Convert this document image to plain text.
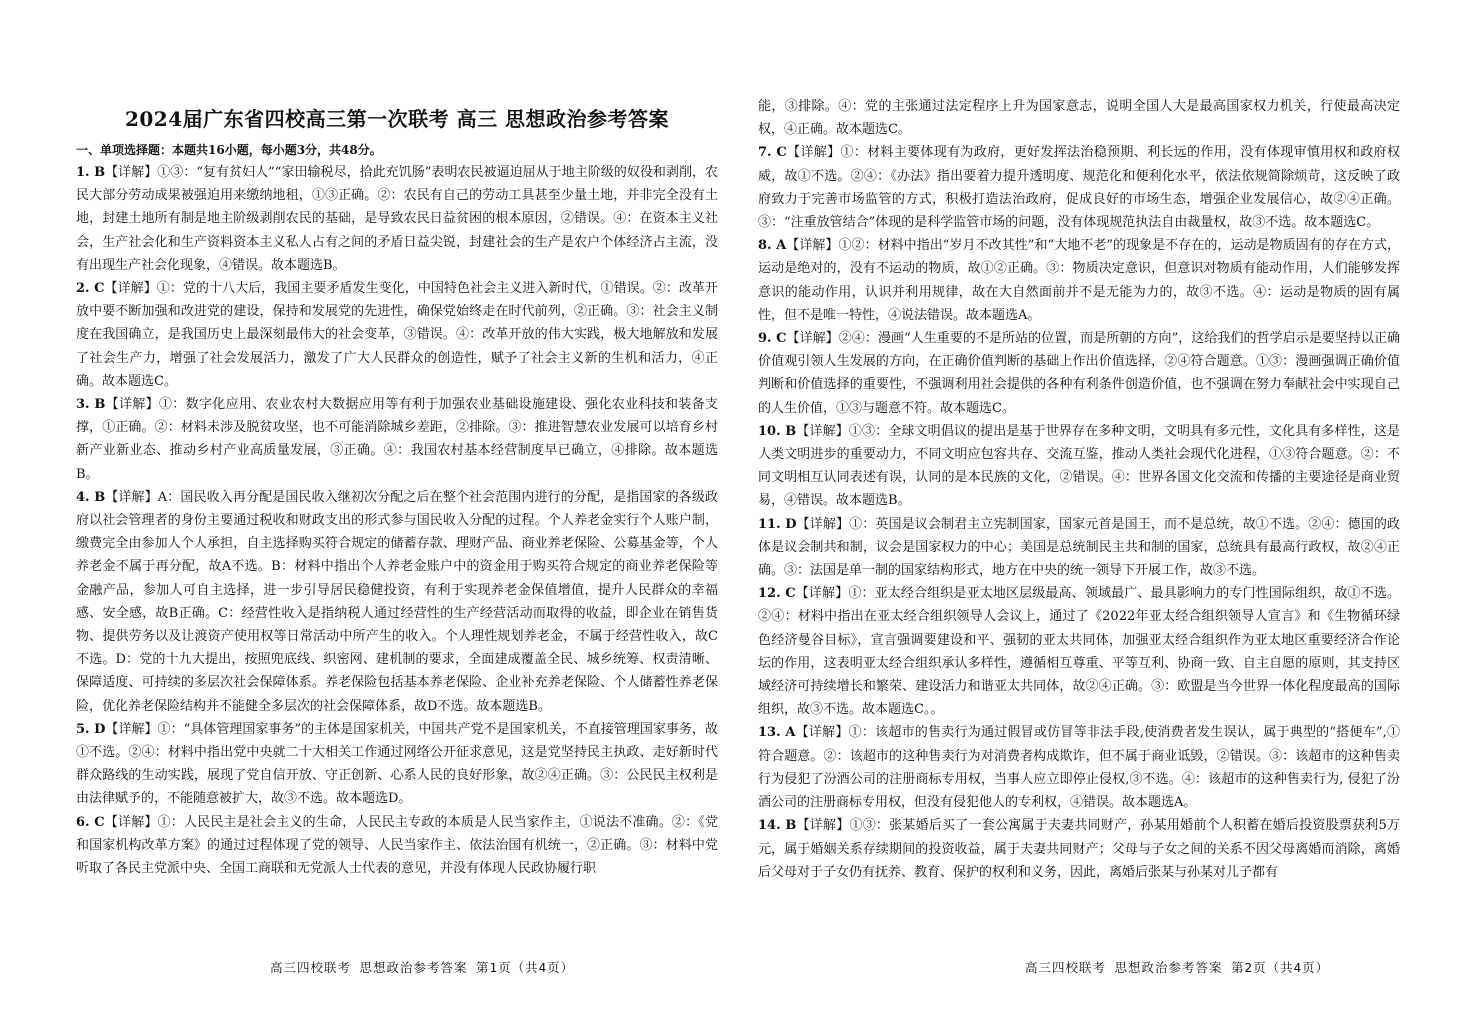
2024届广东省四校高三第一次联考 高三 思想政治参考答案
一、单项选择题：本题共16小题，每小题3分，共48分。

1. B【详解】①③：“复有贫妇人”“家田输税尽，拾此充饥肠”表明农民被逼迫屈从于地主阶级的奴役和剥削，农民大部分劳动成果被强迫用来缴纳地租，①③正确。②：农民有自己的劳动工具甚至少量土地，并非完全没有土地，封建土地所有制是地主阶级剥削农民的基础，是导致农民日益贫困的根本原因，②错误。④：在资本主义社会，生产社会化和生产资料资本主义私人占有之间的矛盾日益尖锐，封建社会的生产是农户个体经济占主流，没有出现生产社会化现象，④错误。故本题选B。

2. C【详解】①：党的十八大后，我国主要矛盾发生变化，中国特色社会主义进入新时代，①错误。②：改革开放中要不断加强和改进党的建设，保持和发展党的先进性，确保党始终走在时代前列，②正确。③：社会主义制度在我国确立，是我国历史上最深刻最伟大的社会变革，③错误。④：改革开放的伟大实践，极大地解放和发展了社会生产力，增强了社会发展活力，激发了广大人民群众的创造性，赋予了社会主义新的生机和活力，④正确。故本题选C。

3. B【详解】①：数字化应用、农业农村大数据应用等有利于加强农业基础设施建设、强化农业科技和装备支撑，①正确。②：材料未涉及脱贫攻坚，也不可能消除城乡差距，②排除。③：推进智慧农业发展可以培育乡村新产业新业态、推动乡村产业高质量发展，③正确。④：我国农村基本经营制度早已确立，④排除。故本题选B。

4. B【详解】A：国民收入再分配是国民收入继初次分配之后在整个社会范围内进行的分配，是指国家的各级政府以社会管理者的身份主要通过税收和财政支出的形式参与国民收入分配的过程。个人养老金实行个人账户制，缴费完全由参加人个人承担，自主选择购买符合规定的储蓄存款、理财产品、商业养老保险、公募基金等，个人养老金不属于再分配，故A不选。B：材料中指出个人养老金账户中的资金用于购买符合规定的商业养老保险等金融产品，参加人可自主选择，进一步引导居民稳健投资，有利于实现养老金保值增值，提升人民群众的幸福感、安全感，故B正确。C：经营性收入是指纳税人通过经营性的生产经营活动而取得的收益，即企业在销售货物、提供劳务以及让渡资产使用权等日常活动中所产生的收入。个人理性规划养老金，不属于经营性收入，故C不选。D：党的十九大提出，按照兜底线、织密网、建机制的要求，全面建成覆盖全民、城乡统筹、权责清晰、保障适度、可持续的多层次社会保障体系。养老保险包括基本养老保险、企业补充养老保险、个人储蓄性养老保险，优化养老保险结构并不能健全多层次的社会保障体系，故D不选。故本题选B。

5. D【详解】①：“具体管理国家事务”的主体是国家机关，中国共产党不是国家机关，不直接管理国家事务，故①不选。②④：材料中指出党中央就二十大相关工作通过网络公开征求意见，这是党坚持民主执政、走好新时代群众路线的生动实践，展现了党自信开放、守正创新、心系人民的良好形象，故②④正确。③：公民民主权利是由法律赋予的，不能随意被扩大，故③不选。故本题选D。

6. C【详解】①：人民民主是社会主义的生命，人民民主专政的本质是人民当家作主，①说法不准确。②：《党和国家机构改革方案》的通过过程体现了党的领导、人民当家作主、依法治国有机统一，②正确。③：材料中党听取了各民主党派中央、全国工商联和无党派人士代表的意见，并没有体现人民政协履行职

能，③排除。④：党的主张通过法定程序上升为国家意志，说明全国人大是最高国家权力机关，行使最高决定权，④正确。故本题选C。

7. C【详解】①：材料主要体现有为政府，更好发挥法治稳预期、利长远的作用，没有体现审慎用权和政府权威，故①不选。②④：《办法》指出要着力提升透明度、规范化和便利化水平，依法依规简除烦苛，这反映了政府致力于完善市场监管的方式，积极打造法治政府，促成良好的市场生态，增强企业发展信心，故②④正确。③：“注重放管结合”体现的是科学监管市场的问题，没有体现规范执法自由裁量权，故③不选。故本题选C。

8. A【详解】①②：材料中指出“岁月不改其性”和“大地不老”的现象是不存在的，运动是物质固有的存在方式，运动是绝对的，没有不运动的物质，故①②正确。③：物质决定意识，但意识对物质有能动作用，人们能够发挥意识的能动作用，认识并利用规律，故在大自然面前并不是无能为力的，故③不选。④：运动是物质的固有属性，但不是唯一特性，④说法错误。故本题选A。

9. C【详解】②④：漫画“人生重要的不是所站的位置，而是所朝的方向”，这给我们的哲学启示是要坚持以正确价值观引领人生发展的方向，在正确价值判断的基础上作出价值选择，②④符合题意。①③：漫画强调正确价值判断和价值选择的重要性，不强调利用社会提供的各种有利条件创造价值，也不强调在努力奉献社会中实现自己的人生价值，①③与题意不符。故本题选C。

10. B【详解】①③：全球文明倡议的提出是基于世界存在多种文明，文明具有多元性，文化具有多样性，这是人类文明进步的重要动力，不同文明应包容共存、交流互鉴，推动人类社会现代化进程，①③符合题意。②：不同文明相互认同表述有误，认同的是本民族的文化，②错误。④：世界各国文化交流和传播的主要途径是商业贸易，④错误。故本题选B。

11. D【详解】①：英国是议会制君主立宪制国家，国家元首是国王，而不是总统，故①不选。②④：德国的政体是议会制共和制，议会是国家权力的中心；美国是总统制民主共和制的国家，总统具有最高行政权，故②④正确。③：法国是单一制的国家结构形式，地方在中央的统一领导下开展工作，故③不选。

12. C【详解】①：亚太经合组织是亚太地区层级最高、领域最广、最具影响力的专门性国际组织，故①不选。②④：材料中指出在亚太经合组织领导人会议上，通过了《2022年亚太经合组织领导人宣言》和《生物循环绿色经济曼谷目标》，宣言强调要建设和平、强韧的亚太共同体，加强亚太经合组织作为亚太地区重要经济合作论坛的作用，这表明亚太经合组织承认多样性，遵循相互尊重、平等互利、协商一致、自主自愿的原则，其支持区域经济可持续增长和繁荣、建设活力和谐亚太共同体，故②④正确。③：欧盟是当今世界一体化程度最高的国际组织，故③不选。故本题选C。。

13. A【详解】①：该超市的售卖行为通过假冒或仿冒等非法手段,使消费者发生误认，属于典型的“搭便车”,①符合题意。②：该超市的这种售卖行为对消费者构成欺诈，但不属于商业诋毁，②错误。③：该超市的这种售卖行为侵犯了汾酒公司的注册商标专用权，当事人应立即停止侵权,③不选。④：该超市的这种售卖行为, 侵犯了汾酒公司的注册商标专用权，但没有侵犯他人的专利权，④错误。故本题选A。

14. B【详解】①③：张某婚后买了一套公寓属于夫妻共同财产，孙某用婚前个人积蓄在婚后投资股票获利5万元，属于婚姻关系存续期间的投资收益，属于夫妻共同财产；父母与子女之间的关系不因父母离婚而消除，离婚后父母对于子女仍有抚养、教育、保护的权利和义务，因此，离婚后张某与孙某对儿子都有

高三四校联考 思想政治参考答案 第1页（共4页）	高三四校联考 思想政治参考答案 第2页（共4页）
